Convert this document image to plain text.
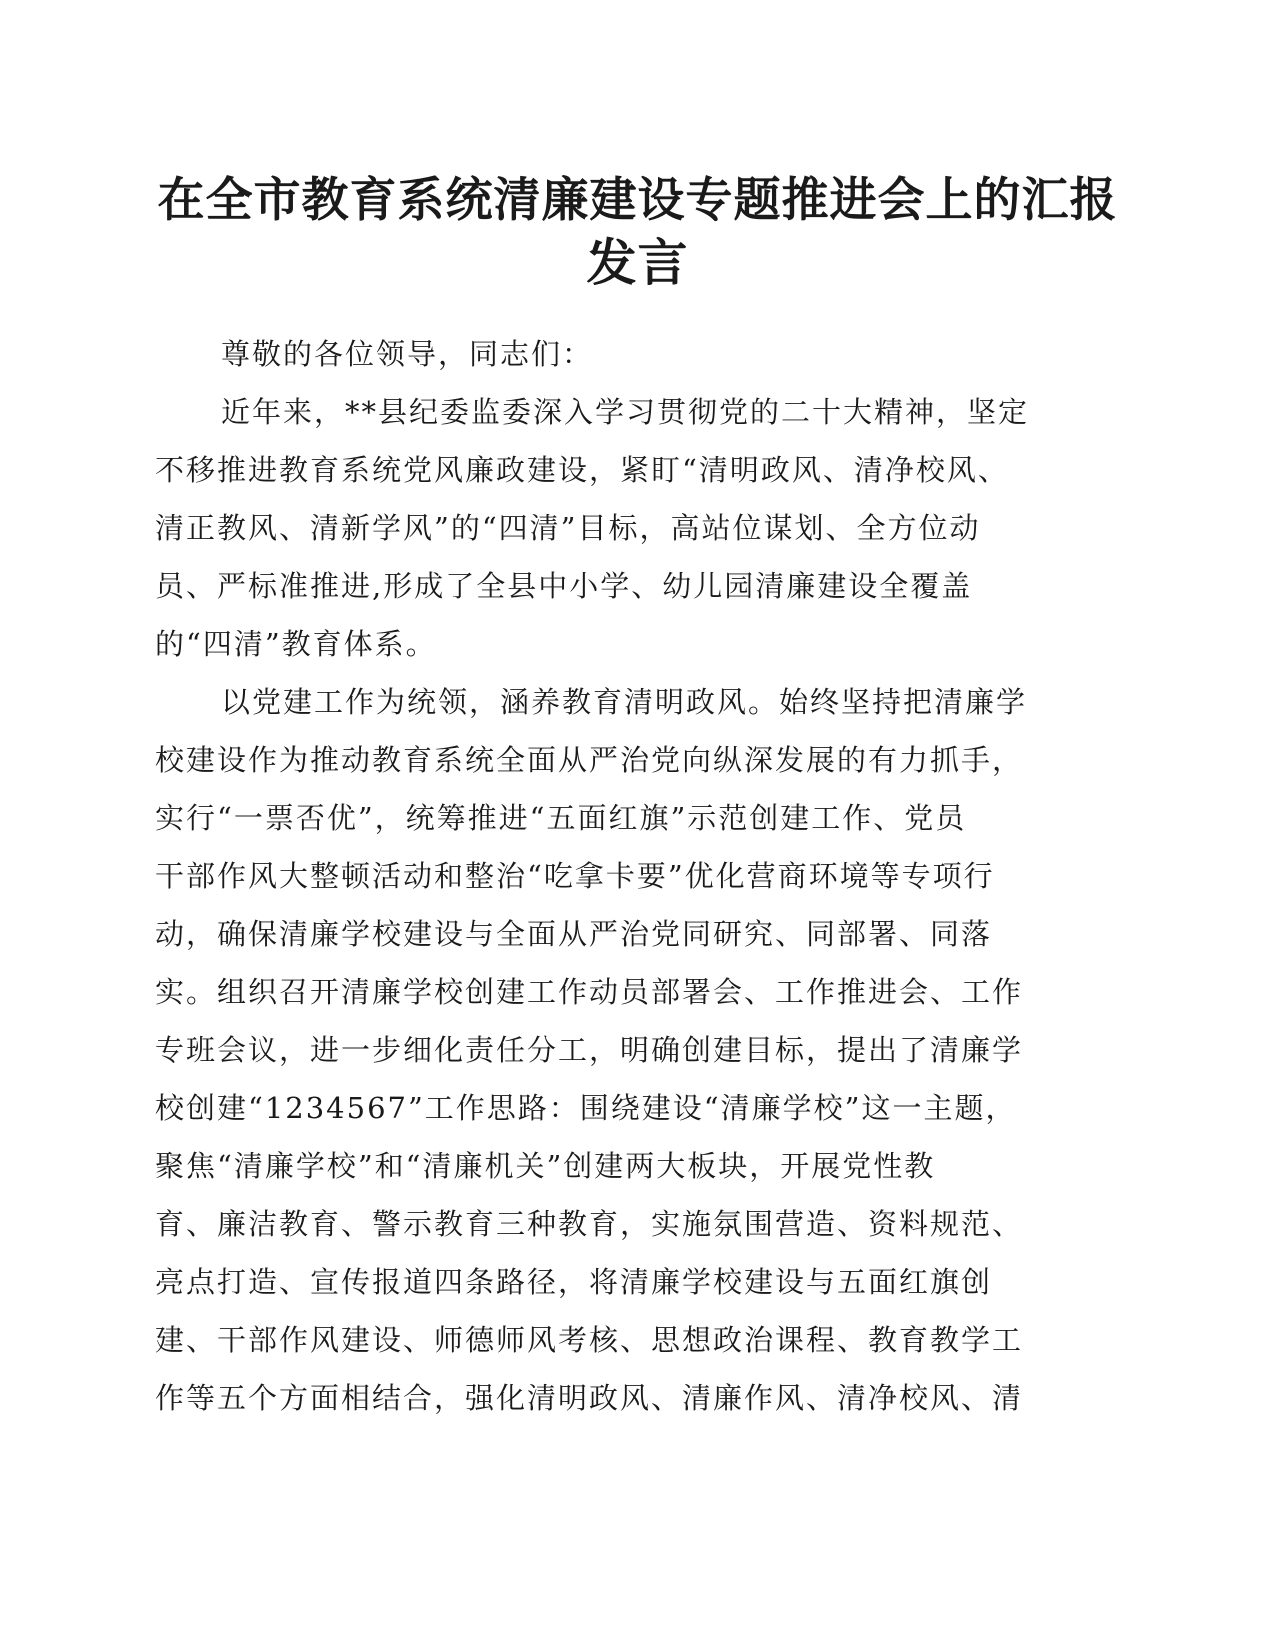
在全市教育系统清廉建设专题推进会上的汇报
发言
尊敬的各位领导，同志们：
近年来，**县纪委监委深入学习贯彻党的二十大精神，坚定
不移推进教育系统党风廉政建设，紧盯“清明政风、清净校风、
清正教风、清新学风”的“四清”目标，高站位谋划、全方位动
员、严标准推进,形成了全县中小学、幼儿园清廉建设全覆盖
的“四清”教育体系。
以党建工作为统领，涵养教育清明政风。始终坚持把清廉学
校建设作为推动教育系统全面从严治党向纵深发展的有力抓手，
实行“一票否优”，统筹推进“五面红旗”示范创建工作、党员
干部作风大整顿活动和整治“吃拿卡要”优化营商环境等专项行
动，确保清廉学校建设与全面从严治党同研究、同部署、同落
实。组织召开清廉学校创建工作动员部署会、工作推进会、工作
专班会议，进一步细化责任分工，明确创建目标，提出了清廉学
校创建“1234567”工作思路：围绕建设“清廉学校”这一主题，
聚焦“清廉学校”和“清廉机关”创建两大板块，开展党性教
育、廉洁教育、警示教育三种教育，实施氛围营造、资料规范、
亮点打造、宣传报道四条路径，将清廉学校建设与五面红旗创
建、干部作风建设、师德师风考核、思想政治课程、教育教学工
作等五个方面相结合，强化清明政风、清廉作风、清净校风、清
